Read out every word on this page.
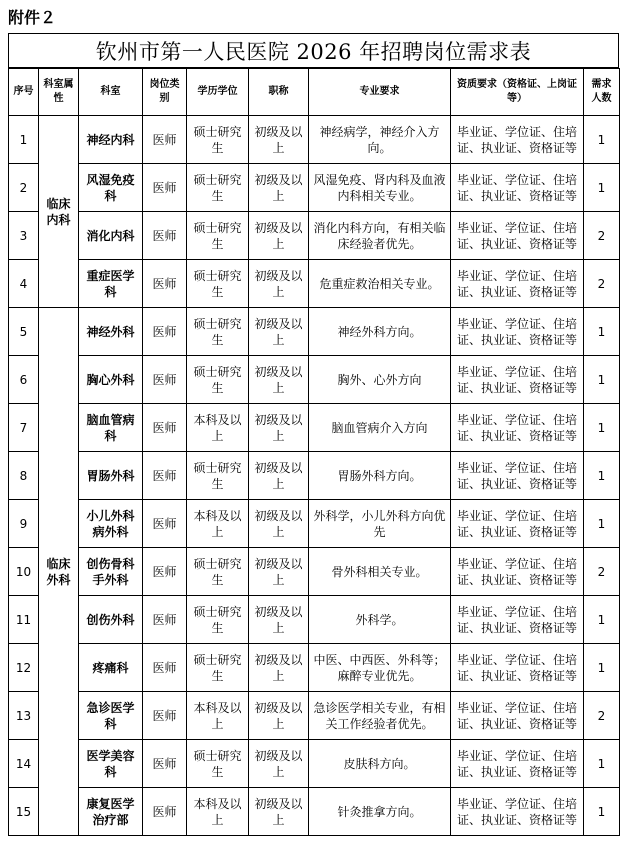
附件２
钦州市第一人民医院 2026 年招聘岗位需求表
序号	科室属性	科室	岗位类别	学历学位	职称	专业要求	资质要求（资格证、上岗证等）	需求人数
1	临床内科	神经内科	医师	硕士研究生	初级及以上	神经病学，神经介入方向。	毕业证、学位证、住培证、执业证、资格证等	1
2		风湿免疫科	医师	硕士研究生	初级及以上	风湿免疫、肾内科及血液内科相关专业。	毕业证、学位证、住培证、执业证、资格证等	1
3		消化内科	医师	硕士研究生	初级及以上	消化内科方向，有相关临床经验者优先。	毕业证、学位证、住培证、执业证、资格证等	2
4		重症医学科	医师	硕士研究生	初级及以上	危重症救治相关专业。	毕业证、学位证、住培证、执业证、资格证等	2
5	临床外科	神经外科	医师	硕士研究生	初级及以上	神经外科方向。	毕业证、学位证、住培证、执业证、资格证等	1
6		胸心外科	医师	硕士研究生	初级及以上	胸外、心外方向	毕业证、学位证、住培证、执业证、资格证等	1
7		脑血管病科	医师	本科及以上	初级及以上	脑血管病介入方向	毕业证、学位证、住培证、执业证、资格证等	1
8		胃肠外科	医师	硕士研究生	初级及以上	胃肠外科方向。	毕业证、学位证、住培证、执业证、资格证等	1
9		小儿外科病外科	医师	本科及以上	初级及以上	外科学，小儿外科方向优先	毕业证、学位证、住培证、执业证、资格证等	1
10		创伤骨科手外科	医师	硕士研究生	初级及以上	骨外科相关专业。	毕业证、学位证、住培证、执业证、资格证等	2
11		创伤外科	医师	硕士研究生	初级及以上	外科学。	毕业证、学位证、住培证、执业证、资格证等	1
12		疼痛科	医师	硕士研究生	初级及以上	中医、中西医、外科等；麻醉专业优先。	毕业证、学位证、住培证、执业证、资格证等	1
13		急诊医学科	医师	本科及以上	初级及以上	急诊医学相关专业，有相关工作经验者优先。	毕业证、学位证、住培证、执业证、资格证等	2
14		医学美容科	医师	硕士研究生	初级及以上	皮肤科方向。	毕业证、学位证、住培证、执业证、资格证等	1
15		康复医学治疗部	医师	本科及以上	初级及以上	针灸推拿方向。	毕业证、学位证、住培证、执业证、资格证等	1
